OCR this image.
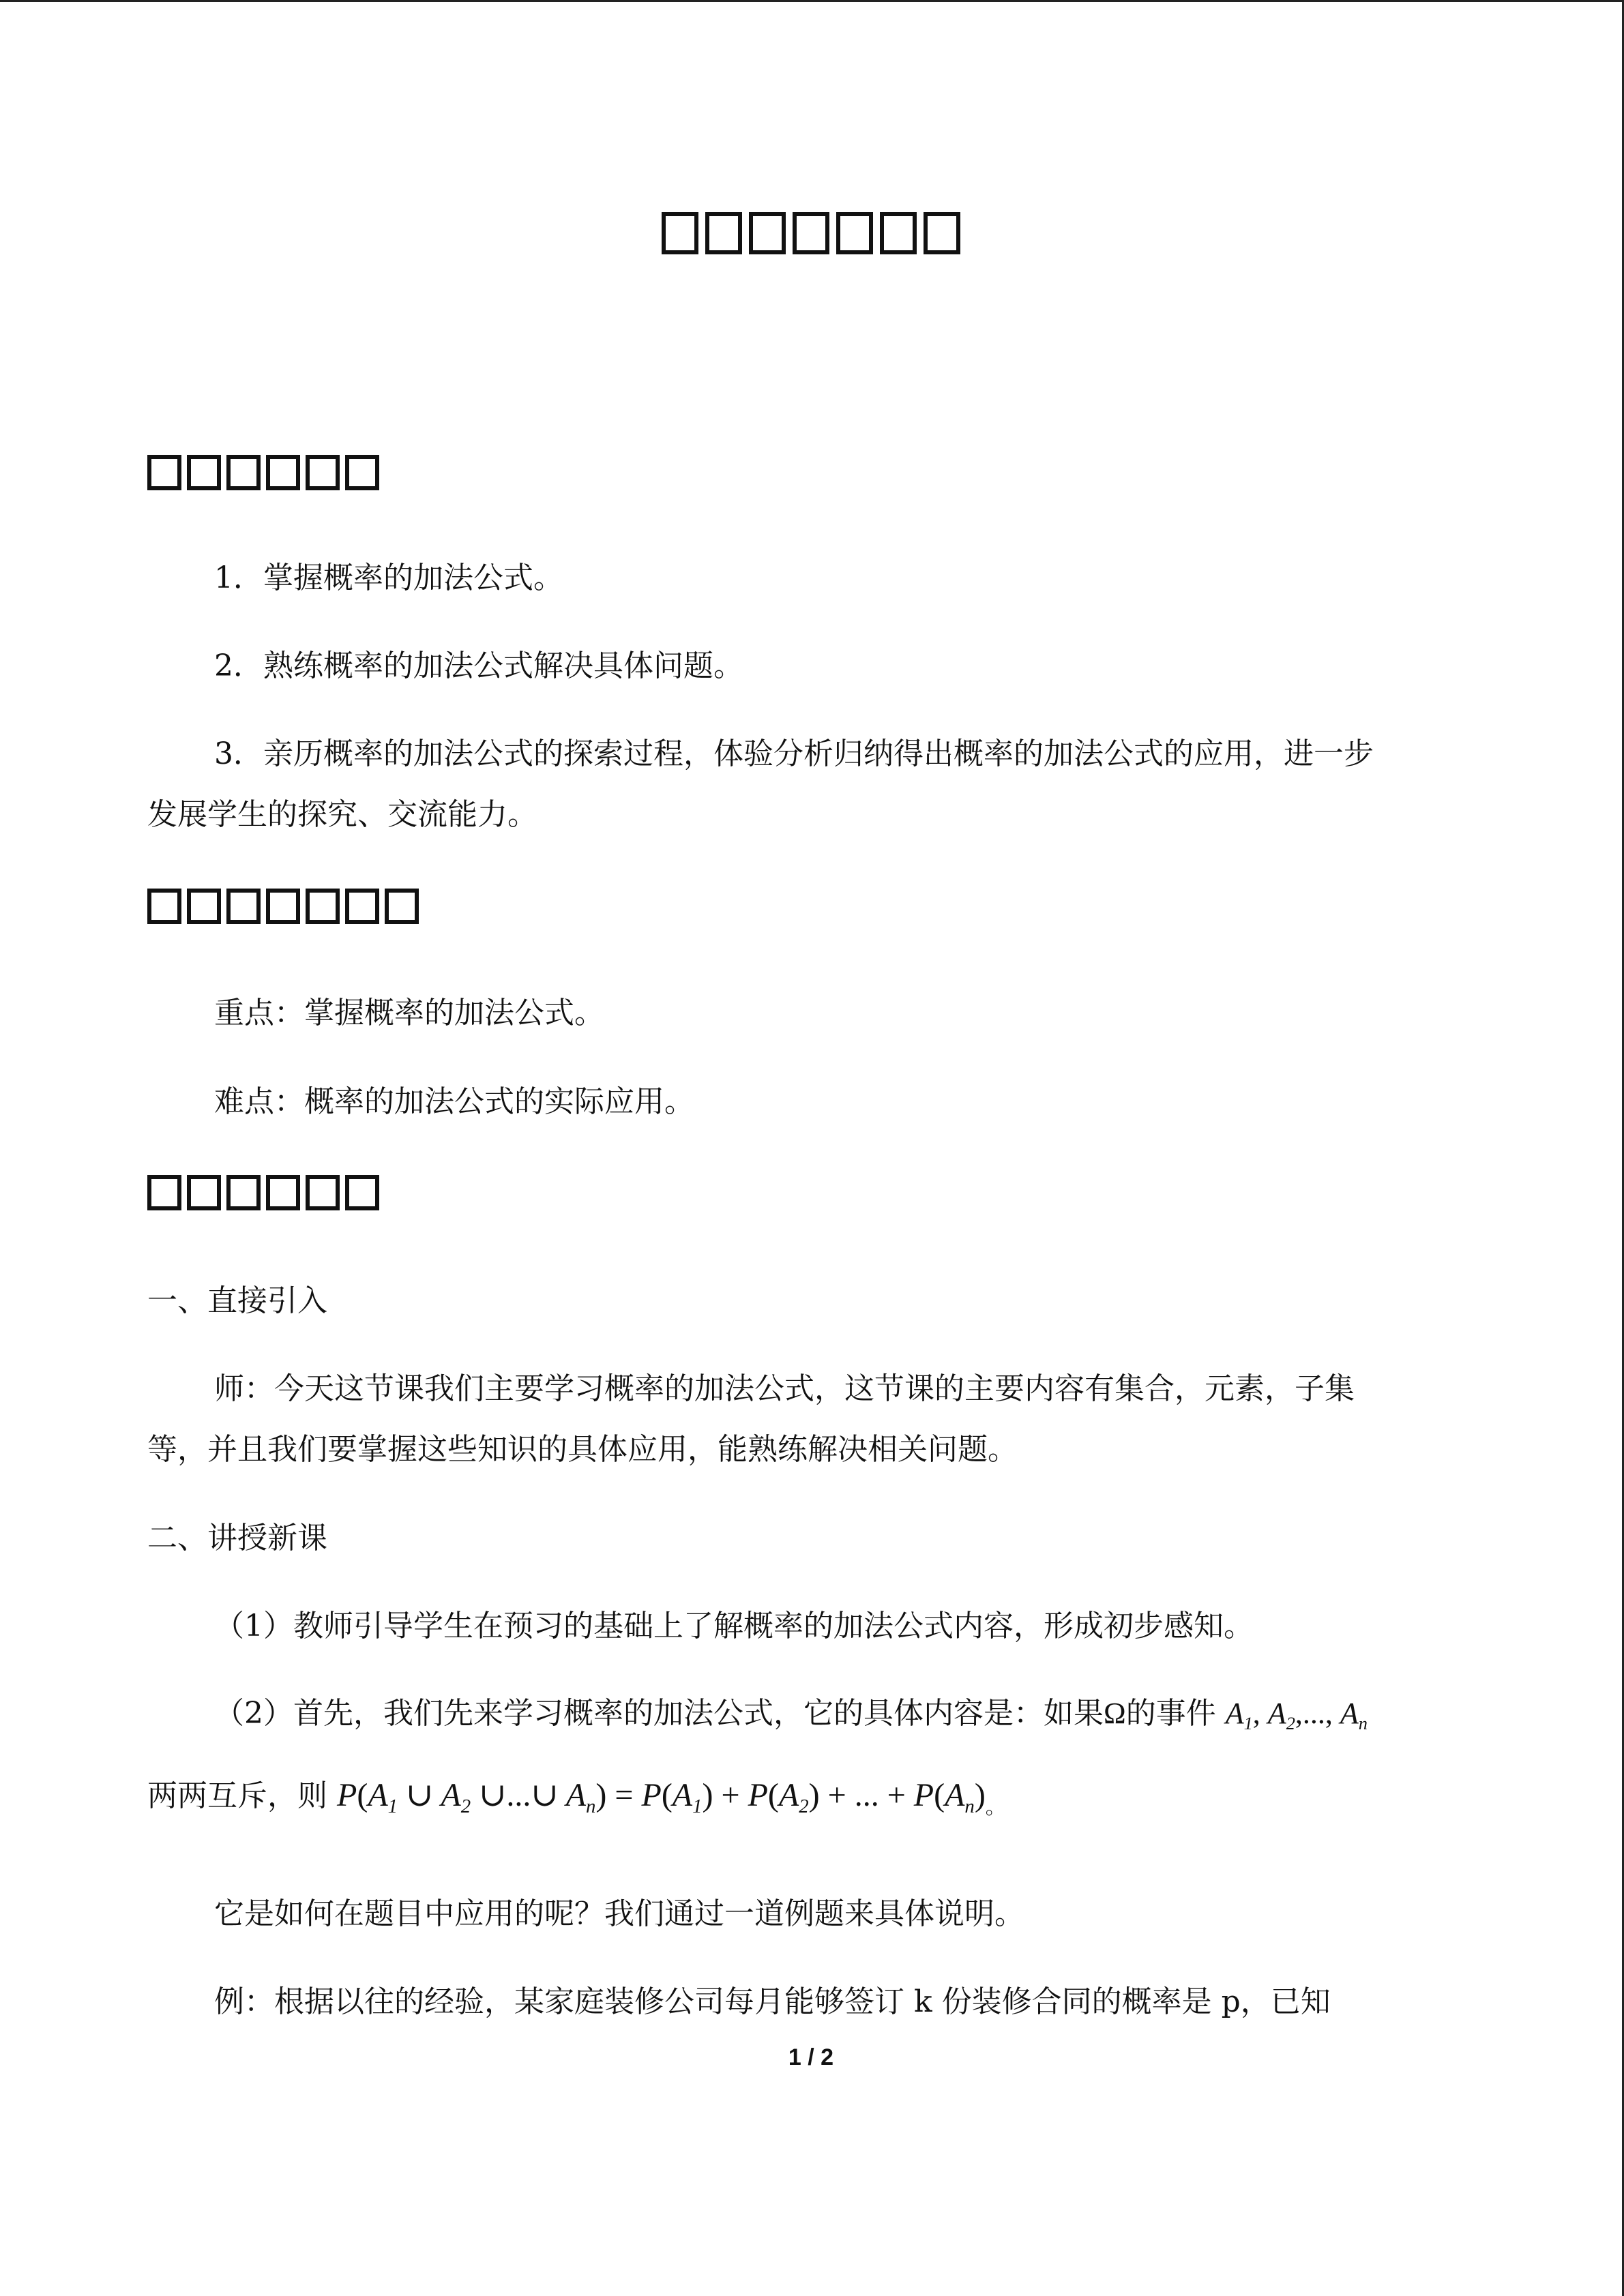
1．掌握概率的加法公式。
2．熟练概率的加法公式解决具体问题。
3．亲历概率的加法公式的探索过程，体验分析归纳得出概率的加法公式的应用，进一步
发展学生的探究、交流能力。
重点：掌握概率的加法公式。
难点：概率的加法公式的实际应用。
一、直接引入
师：今天这节课我们主要学习概率的加法公式，这节课的主要内容有集合，元素，子集
等，并且我们要掌握这些知识的具体应用，能熟练解决相关问题。
二、讲授新课
（1）教师引导学生在预习的基础上了解概率的加法公式内容，形成初步感知。
（2）首先，我们先来学习概率的加法公式，它的具体内容是：如果Ω的事件 $A_1$, $A_2$,..., $A_n$
两两互斥，则 $P(A_1$ ∪ $A_2$ ∪...∪ $A_n) = P(A_1) + P(A_2)$ + ... + $P(A_n)_。$
它是如何在题目中应用的呢？我们通过一道例题来具体说明。
例：根据以往的经验，某家庭装修公司每月能够签订 k 份装修合同的概率是 p，已知
1 / 2
